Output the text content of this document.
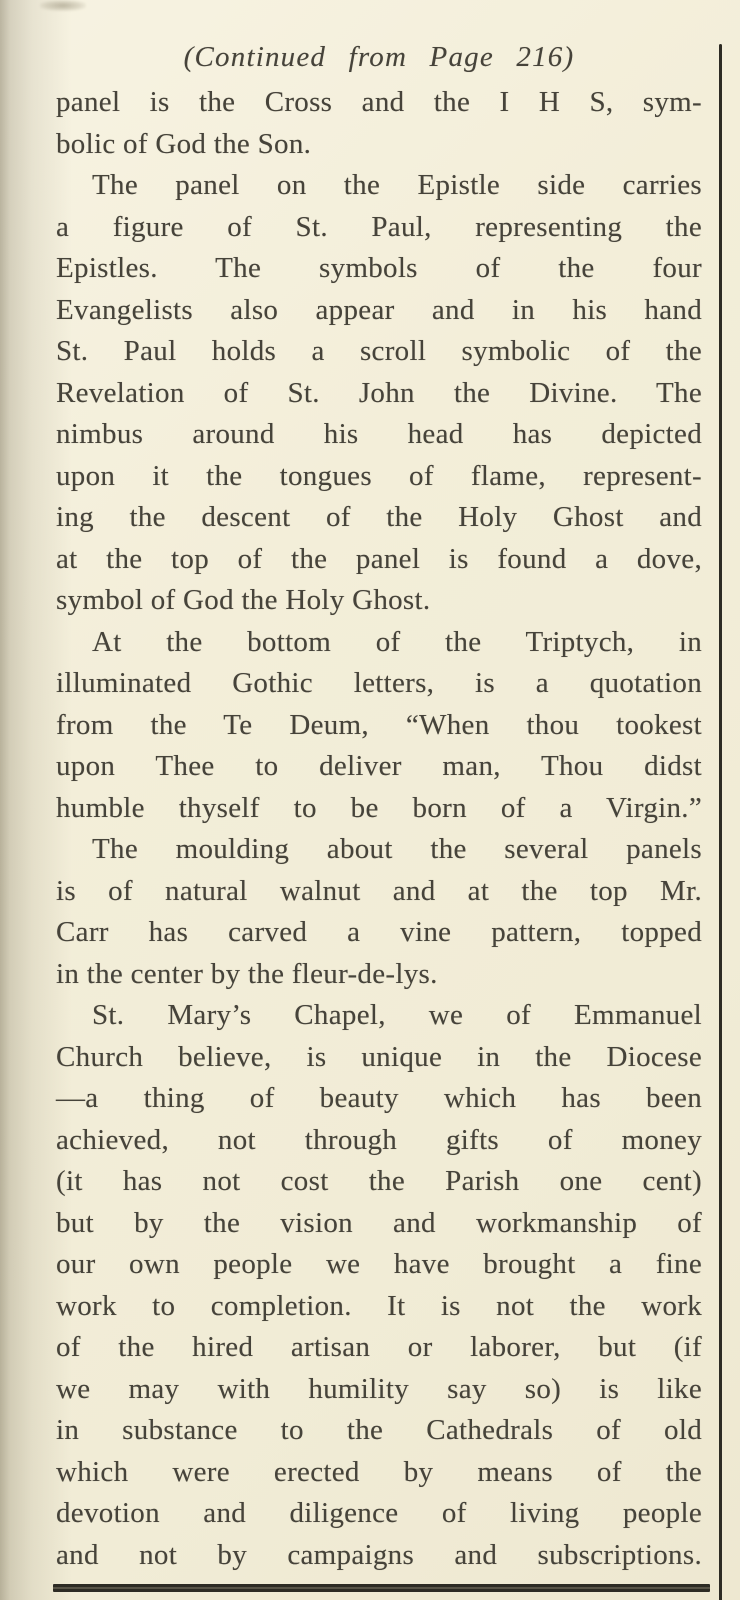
(Continued from Page 216)
panel is the Cross and the I H S, sym-
bolic of God the Son.
The panel on the Epistle side carries
a figure of St. Paul, representing the
Epistles. The symbols of the four
Evangelists also appear and in his hand
St. Paul holds a scroll symbolic of the
Revelation of St. John the Divine. The
nimbus around his head has depicted
upon it the tongues of flame, represent-
ing the descent of the Holy Ghost and
at the top of the panel is found a dove,
symbol of God the Holy Ghost.
At the bottom of the Triptych, in
illuminated Gothic letters, is a quotation
from the Te Deum, “When thou tookest
upon Thee to deliver man, Thou didst
humble thyself to be born of a Virgin.”
The moulding about the several panels
is of natural walnut and at the top Mr.
Carr has carved a vine pattern, topped
in the center by the fleur-de-lys.
St. Mary’s Chapel, we of Emmanuel
Church believe, is unique in the Diocese
—a thing of beauty which has been
achieved, not through gifts of money
(it has not cost the Parish one cent)
but by the vision and workmanship of
our own people we have brought a fine
work to completion. It is not the work
of the hired artisan or laborer, but (if
we may with humility say so) is like
in substance to the Cathedrals of old
which were erected by means of the
devotion and diligence of living people
and not by campaigns and subscriptions.
